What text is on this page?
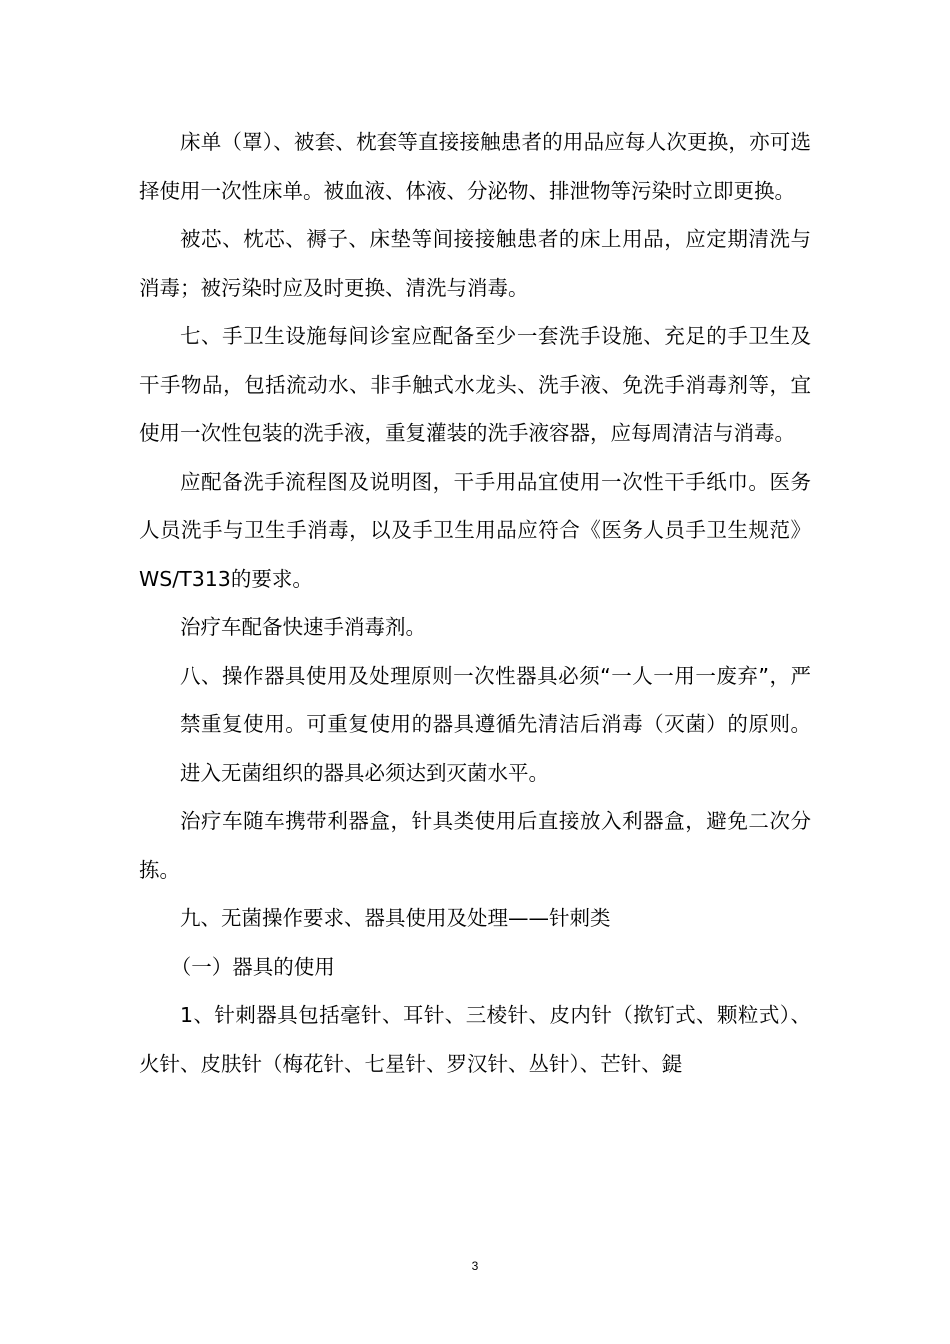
床单（罩）、被套、枕套等直接接触患者的用品应每人次更换，亦可选择使用一次性床单。被血液、体液、分泌物、排泄物等污染时立即更换。

被芯、枕芯、褥子、床垫等间接接触患者的床上用品，应定期清洗与消毒；被污染时应及时更换、清洗与消毒。

七、手卫生设施每间诊室应配备至少一套洗手设施、充足的手卫生及干手物品，包括流动水、非手触式水龙头、洗手液、免洗手消毒剂等，宜使用一次性包装的洗手液，重复灌装的洗手液容器，应每周清洁与消毒。

应配备洗手流程图及说明图，干手用品宜使用一次性干手纸巾。医务人员洗手与卫生手消毒，以及手卫生用品应符合《医务人员手卫生规范》WS/T313的要求。

治疗车配备快速手消毒剂。

八、操作器具使用及处理原则一次性器具必须“一人一用一废弃”，严禁重复使用。可重复使用的器具遵循先清洁后消毒（灭菌）的原则。进入无菌组织的器具必须达到灭菌水平。

治疗车随车携带利器盒，针具类使用后直接放入利器盒，避免二次分拣。

九、无菌操作要求、器具使用及处理——针刺类

（一）器具的使用

1、针刺器具包括毫针、耳针、三棱针、皮内针（揿钉式、颗粒式）、火针、皮肤针（梅花针、七星针、罗汉针、丛针）、芒针、鍉

3
